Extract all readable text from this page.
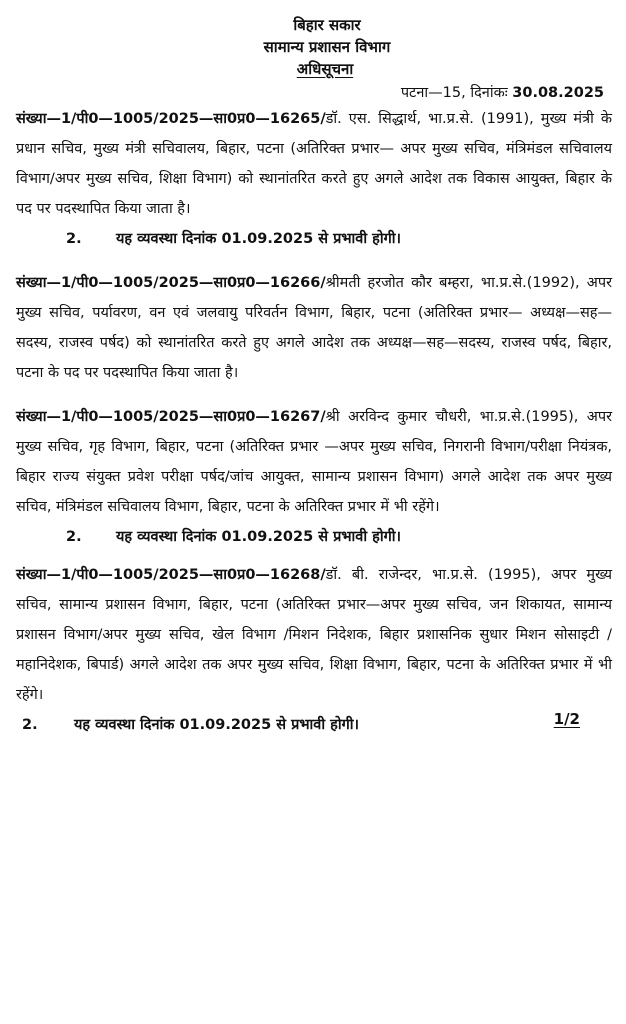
बिहार सकार
सामान्य प्रशासन विभाग
अधिसूचना
पटना—15, दिनांकः 30.08.2025

संख्या—1/पी0—1005/2025—सा0प्र0—16265/डॉ. एस. सिद्धार्थ, भा.प्र.से. (1991), मुख्य मंत्री के प्रधान सचिव, मुख्य मंत्री सचिवालय, बिहार, पटना (अतिरिक्त प्रभार— अपर मुख्य सचिव, मंत्रिमंडल सचिवालय विभाग/अपर मुख्य सचिव, शिक्षा विभाग) को स्थानांतरित करते हुए अगले आदेश तक विकास आयुक्त, बिहार के पद पर पदस्थापित किया जाता है।

2. यह व्यवस्था दिनांक 01.09.2025 से प्रभावी होगी।

संख्या—1/पी0—1005/2025—सा0प्र0—16266/श्रीमती हरजोत कौर बम्हरा, भा.प्र.से.(1992), अपर मुख्य सचिव, पर्यावरण, वन एवं जलवायु परिवर्तन विभाग, बिहार, पटना (अतिरिक्त प्रभार— अध्यक्ष—सह—सदस्य, राजस्व पर्षद) को स्थानांतरित करते हुए अगले आदेश तक अध्यक्ष—सह—सदस्य, राजस्व पर्षद, बिहार, पटना के पद पर पदस्थापित किया जाता है।

संख्या—1/पी0—1005/2025—सा0प्र0—16267/श्री अरविन्द कुमार चौधरी, भा.प्र.से.(1995), अपर मुख्य सचिव, गृह विभाग, बिहार, पटना (अतिरिक्त प्रभार —अपर मुख्य सचिव, निगरानी विभाग/परीक्षा नियंत्रक, बिहार राज्य संयुक्त प्रवेश परीक्षा पर्षद/जांच आयुक्त, सामान्य प्रशासन विभाग) अगले आदेश तक अपर मुख्य सचिव, मंत्रिमंडल सचिवालय विभाग, बिहार, पटना के अतिरिक्त प्रभार में भी रहेंगे।

2. यह व्यवस्था दिनांक 01.09.2025 से प्रभावी होगी।

संख्या—1/पी0—1005/2025—सा0प्र0—16268/डॉ. बी. राजेन्दर, भा.प्र.से. (1995), अपर मुख्य सचिव, सामान्य प्रशासन विभाग, बिहार, पटना (अतिरिक्त प्रभार—अपर मुख्य सचिव, जन शिकायत, सामान्य प्रशासन विभाग/अपर मुख्य सचिव, खेल विभाग /मिशन निदेशक, बिहार प्रशासनिक सुधार मिशन सोसाइटी /महानिदेशक, बिपार्ड) अगले आदेश तक अपर मुख्य सचिव, शिक्षा विभाग, बिहार, पटना के अतिरिक्त प्रभार में भी रहेंगे।

2.	यह व्यवस्था दिनांक 01.09.2025 से प्रभावी होगी।	1/2
